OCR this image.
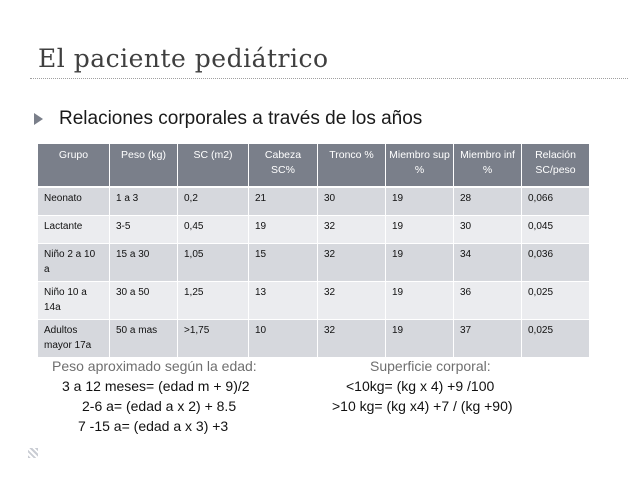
El paciente pediátrico
Relaciones corporales a través de los años
Grupo	Peso (kg)	SC (m2)	Cabeza SC%	Tronco %	Miembro sup %	Miembro inf %	Relación SC/peso
Neonato	1 a 3	0,2	21	30	19	28	0,066
Lactante	3-5	0,45	19	32	19	30	0,045
Niño 2 a 10 a	15 a 30	1,05	15	32	19	34	0,036
Niño 10 a 14a	30 a 50	1,25	13	32	19	36	0,025
Adultos mayor 17a	50 a mas	>1,75	10	32	19	37	0,025
Peso aproximado según la edad:
3 a 12 meses= (edad m + 9)/2
2-6 a= (edad a x 2) + 8.5
7 -15 a= (edad a x 3) +3
Superficie corporal:
<10kg= (kg x 4) +9 /100
>10 kg= (kg x4) +7 / (kg +90)
